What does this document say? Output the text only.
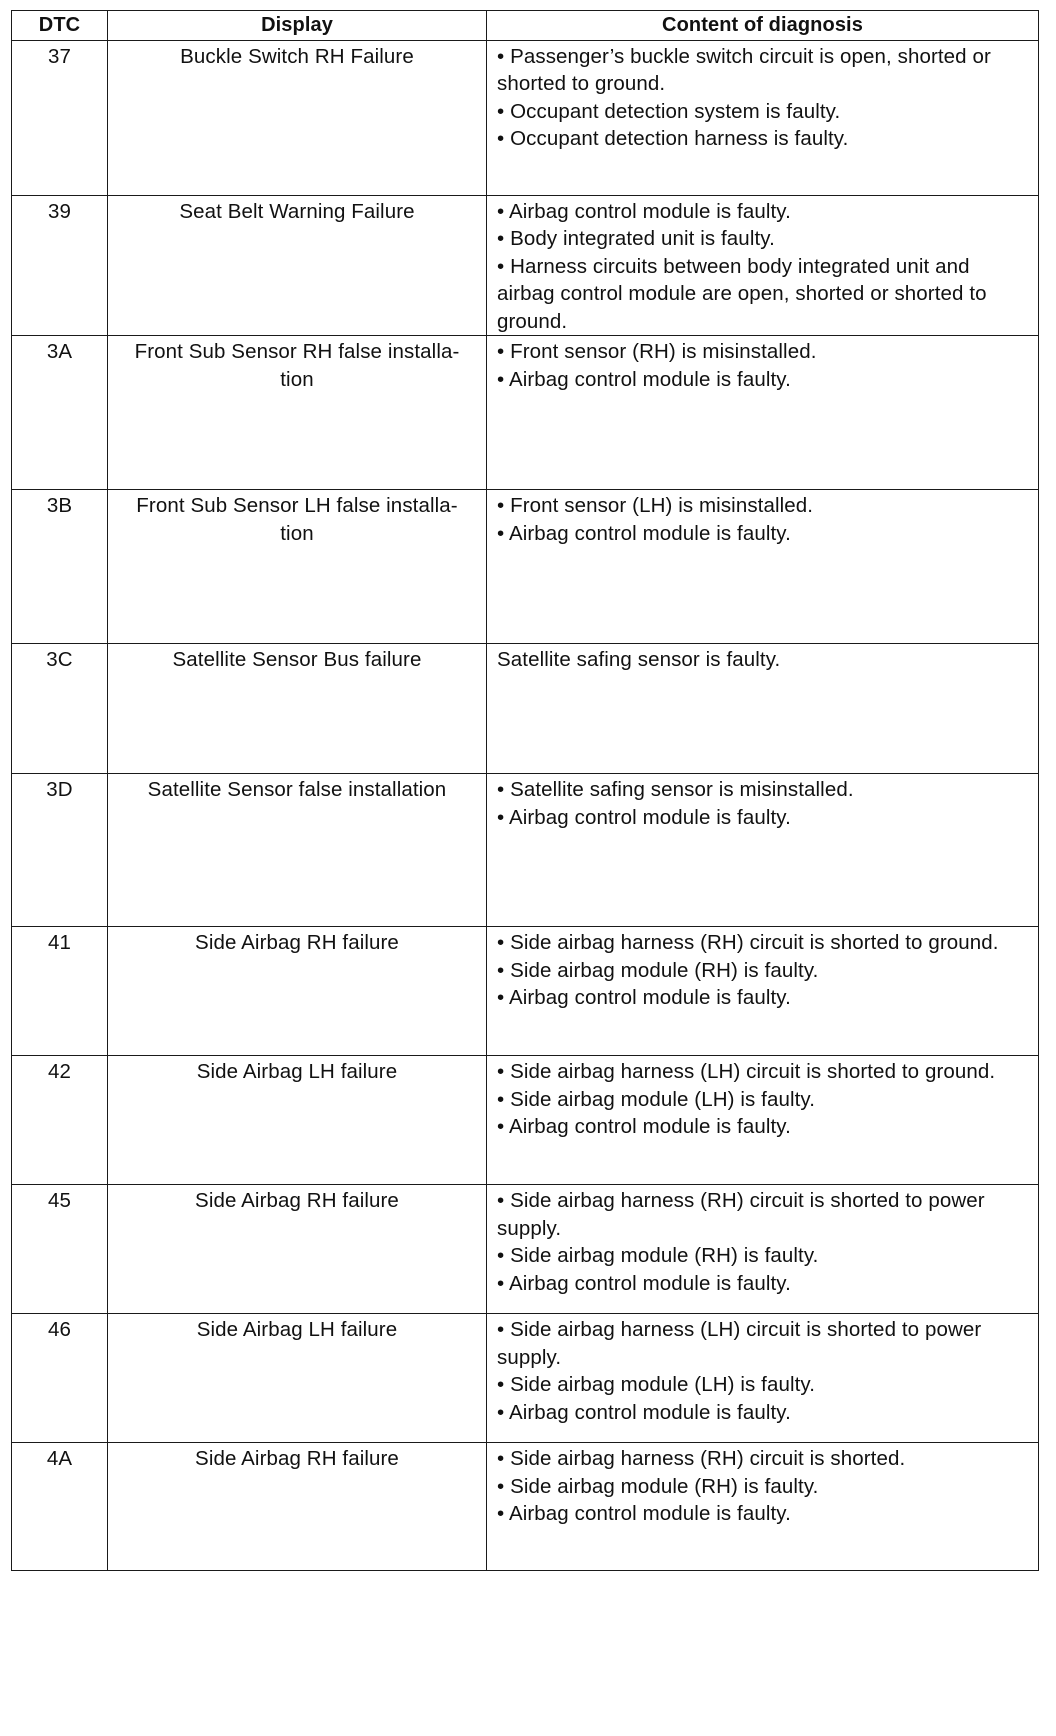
DTC	Display	Content of diagnosis
37	Buckle Switch RH Failure	• Passenger’s buckle switch circuit is open, shorted or shorted to ground.
• Occupant detection system is faulty.
• Occupant detection harness is faulty.

39	Seat Belt Warning Failure	• Airbag control module is faulty.
• Body integrated unit is faulty.
• Harness circuits between body integrated unit and airbag control module are open, shorted or shorted to ground.

3A	Front Sub Sensor RH false installa-
tion	• Front sensor (RH) is misinstalled.
• Airbag control module is faulty.

3B	Front Sub Sensor LH false installa-
tion	• Front sensor (LH) is misinstalled.
• Airbag control module is faulty.

3C	Satellite Sensor Bus failure	Satellite safing sensor is faulty.

3D	Satellite Sensor false installation	• Satellite safing sensor is misinstalled.
• Airbag control module is faulty.

41	Side Airbag RH failure	• Side airbag harness (RH) circuit is shorted to ground.
• Side airbag module (RH) is faulty.
• Airbag control module is faulty.

42	Side Airbag LH failure	• Side airbag harness (LH) circuit is shorted to ground.
• Side airbag module (LH) is faulty.
• Airbag control module is faulty.

45	Side Airbag RH failure	• Side airbag harness (RH) circuit is shorted to power supply.
• Side airbag module (RH) is faulty.
• Airbag control module is faulty.

46	Side Airbag LH failure	• Side airbag harness (LH) circuit is shorted to power supply.
• Side airbag module (LH) is faulty.
• Airbag control module is faulty.

4A	Side Airbag RH failure	• Side airbag harness (RH) circuit is shorted.
• Side airbag module (RH) is faulty.
• Airbag control module is faulty.
